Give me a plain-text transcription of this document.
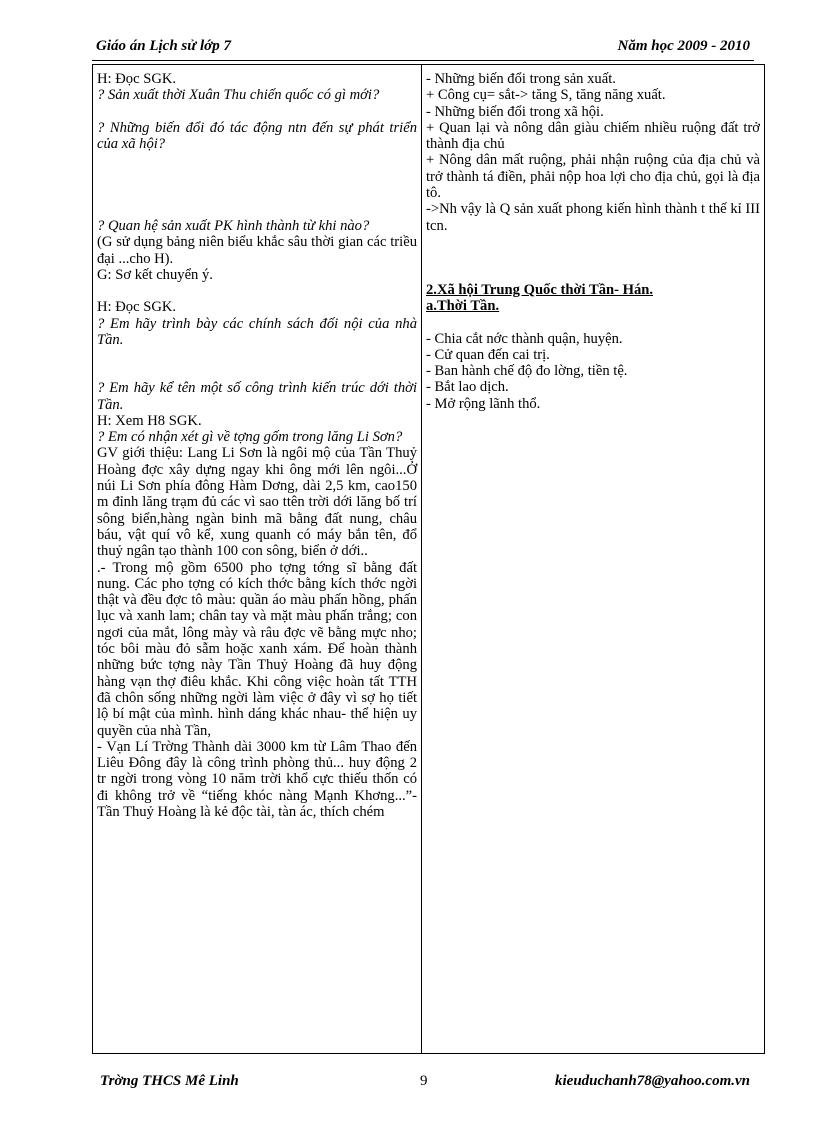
Giáo án Lịch sử lớp 7	Năm học 2009 - 2010

H: Đọc SGK.

? Sản xuất thời Xuân Thu chiến quốc có gì mới?

? Những biến đổi đó tác động ntn đến sự phát triển của xã hội?

? Quan hệ sản xuất PK hình thành từ khi nào?

(G sử dụng bảng niên biểu khắc sâu thời gian các triều đại ...cho H).

G: Sơ kết chuyển ý.

H: Đọc SGK.

? Em hãy trình bày các chính sách đối nội của nhà Tần.

? Em hãy kể tên một số công trình kiến trúc dới thời Tần.

H: Xem H8 SGK.

? Em có nhận xét gì về tợng gốm trong lăng Li Sơn?

GV giới thiệu: Lang Li Sơn là ngôi mộ của Tần Thuỷ Hoàng đợc xây dựng ngay khi ông mới lên ngôi...Ở núi Li Sơn phía đông Hàm Dơng, dài 2,5 km, cao150 m đỉnh lăng trạm đủ các vì sao ttên trời dới lăng bố trí sông biển,hàng ngàn binh mã bằng đất nung, châu báu, vật quí vô kể, xung quanh có máy bắn tên, đổ thuỷ ngân tạo thành 100 con sông, biển ở dới..

.- Trong mộ gồm 6500 pho tợng tớng sĩ bằng đất nung. Các pho tợng có kích thớc bằng kích thớc ngời thật và đều đợc tô màu: quần áo màu phấn hồng, phấn lục và xanh lam; chân tay và mặt màu phấn trắng; con ngơi của mắt, lông mày và râu đợc vẽ bằng mực nho; tóc bôi màu đỏ sẫm hoặc xanh xám. Để hoàn thành những bức tợng này Tần Thuỷ Hoàng đã huy động hàng vạn thợ điêu khắc. Khi công việc hoàn tất TTH đã chôn sống những ngời làm việc ở đây vì sợ họ tiết lộ bí mật của mình. hình dáng khác nhau- thể hiện uy quyền của nhà Tần,

- Vạn Lí Trờng Thành dài 3000 km từ Lâm Thao đến Liêu Đông đây là công trình phòng thủ... huy động 2 tr ngời trong vòng 10 năm trời khổ cực thiếu thốn có đi không trở về “tiếng khóc nàng Mạnh Khơng...”- Tần Thuỷ Hoàng là kẻ độc tài, tàn ác, thích chém

- Những biến đổi trong sản xuất.

+ Công cụ= sắt-> tăng S, tăng năng xuất.

- Những biến đổi trong xã hội.

+ Quan lại và nông dân giàu chiếm nhiều ruộng đất trở thành địa chủ

+ Nông dân mất ruộng, phải nhận ruộng của địa chủ và trở thành tá điền, phải nộp hoa lợi cho địa chủ, gọi là địa tô.

->Nh vậy là Q sản xuất phong kiến hình thành t thế kỉ III tcn.

2.Xã hội Trung Quốc thời Tần- Hán.

a.Thời Tần.

- Chia cắt nớc thành quận, huyện.

- Cử quan đến cai trị.

- Ban hành chế độ đo lờng, tiền tệ.

- Bắt lao dịch.

- Mở rộng lãnh thổ.

Trờng THCS Mê Linh	9	kieuduchanh78@yahoo.com.vn
